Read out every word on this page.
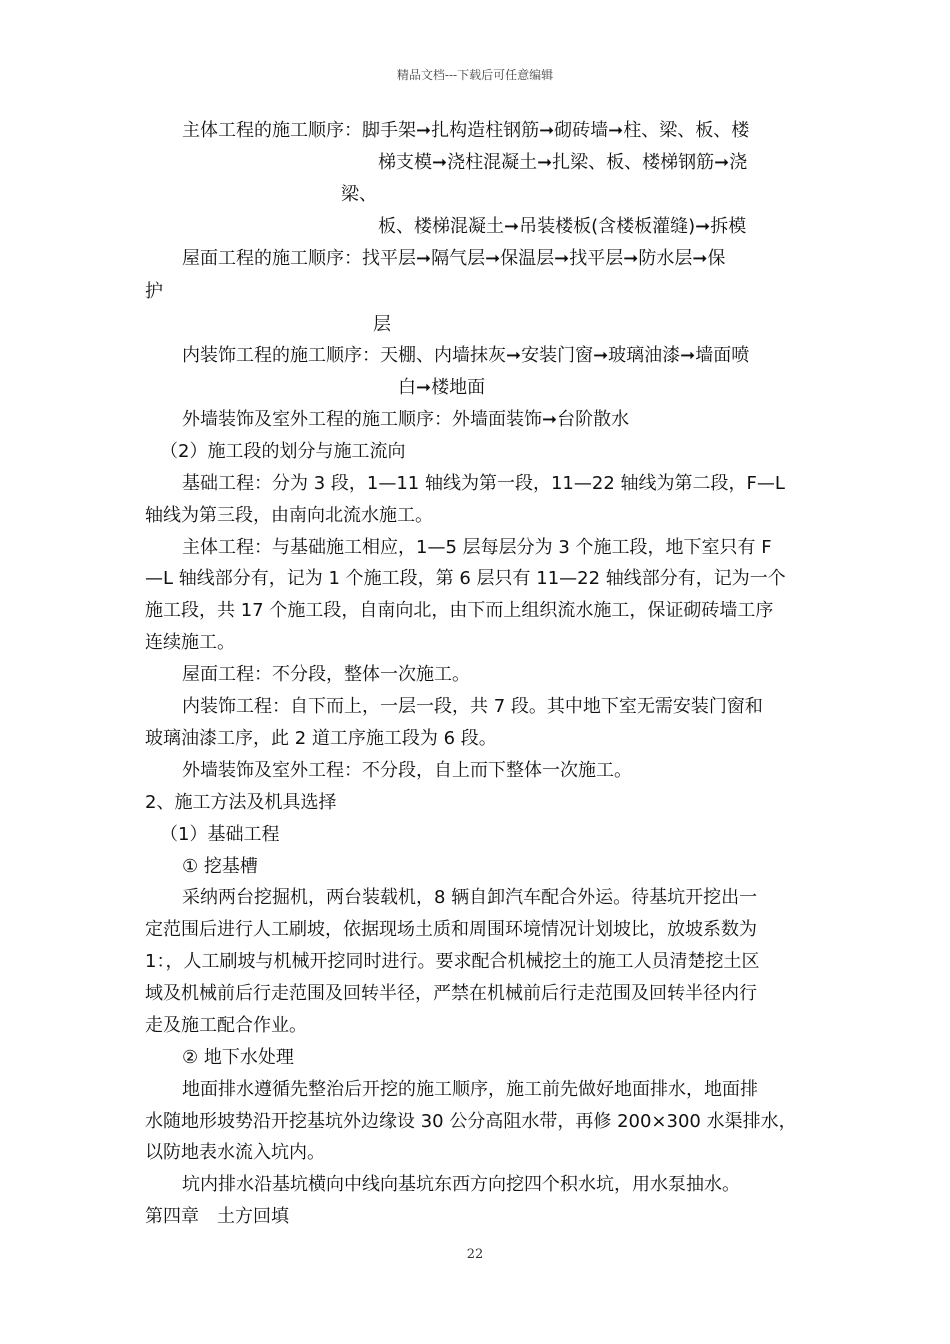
精品文档---下载后可任意编辑
主体工程的施工顺序：脚手架➞扎构造柱钢筋➞砌砖墙➞柱、梁、板、楼
梯支模➞浇柱混凝土➞扎梁、板、楼梯钢筋➞浇
梁、
板、楼梯混凝土➞吊装楼板(含楼板灌缝)➞拆模
屋面工程的施工顺序：找平层➞隔气层➞保温层➞找平层➞防水层➞保
护
层
内装饰工程的施工顺序：天棚、内墙抹灰➞安装门窗➞玻璃油漆➞墙面喷
白➞楼地面
外墙装饰及室外工程的施工顺序：外墙面装饰➞台阶散水
（2）施工段的划分与施工流向
基础工程：分为 3 段，1—11 轴线为第一段，11—22 轴线为第二段，F—L
轴线为第三段，由南向北流水施工。
主体工程：与基础施工相应，1—5 层每层分为 3 个施工段，地下室只有 F
—L 轴线部分有，记为 1 个施工段，第 6 层只有 11—22 轴线部分有，记为一个
施工段，共 17 个施工段，自南向北，由下而上组织流水施工，保证砌砖墙工序
连续施工。
屋面工程：不分段，整体一次施工。
内装饰工程：自下而上，一层一段，共 7 段。其中地下室无需安装门窗和
玻璃油漆工序，此 2 道工序施工段为 6 段。
外墙装饰及室外工程：不分段，自上而下整体一次施工。
2、施工方法及机具选择
（1）基础工程
① 挖基槽
采纳两台挖掘机，两台装载机，8 辆自卸汽车配合外运。待基坑开挖出一
定范围后进行人工刷坡，依据现场土质和周围环境情况计划坡比，放坡系数为
1：，人工刷坡与机械开挖同时进行。要求配合机械挖土的施工人员清楚挖土区
域及机械前后行走范围及回转半径，严禁在机械前后行走范围及回转半径内行
走及施工配合作业。
② 地下水处理
地面排水遵循先整治后开挖的施工顺序，施工前先做好地面排水，地面排
水随地形坡势沿开挖基坑外边缘设 30 公分高阻水带，再修 200×300 水渠排水，
以防地表水流入坑内。
坑内排水沿基坑横向中线向基坑东西方向挖四个积水坑，用水泵抽水。
第四章　土方回填
22
